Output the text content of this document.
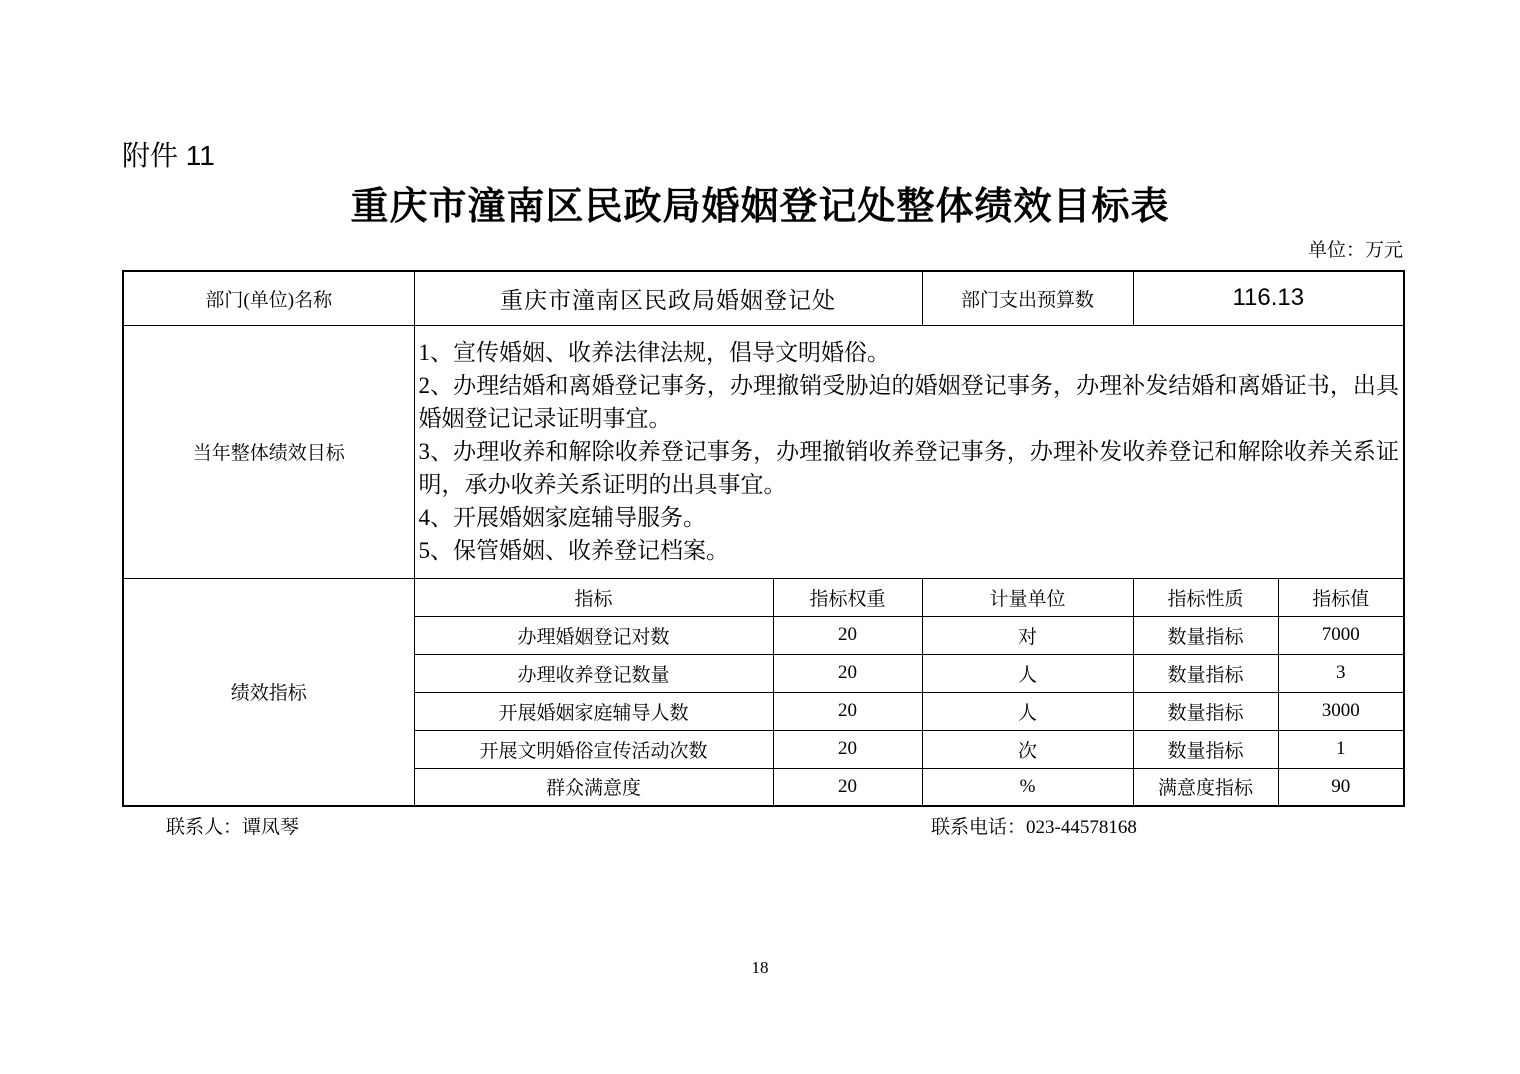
附件 11
重庆市潼南区民政局婚姻登记处整体绩效目标表
单位：万元
部门(单位)名称	重庆市潼南区民政局婚姻登记处		部门支出预算数	116.13	
当年整体绩效目标	1、宣传婚姻、收养法律法规，倡导文明婚俗。

2、办理结婚和离婚登记事务，办理撤销受胁迫的婚姻登记事务，办理补发结婚和离婚证书，出具婚姻登记记录证明事宜。

3、办理收养和解除收养登记事务，办理撤销收养登记事务，办理补发收养登记和解除收养关系证明，承办收养关系证明的出具事宜。

4、开展婚姻家庭辅导服务。

5、保管婚姻、收养登记档案。				

绩效指标	指标	指标权重	计量单位	指标性质	指标值
	办理婚姻登记对数	20	对	数量指标	7000
	办理收养登记数量	20	人	数量指标	3
	开展婚姻家庭辅导人数	20	人	数量指标	3000
	开展文明婚俗宣传活动次数	20	次	数量指标	1
	群众满意度	20	%	满意度指标	90
联系人：谭凤琴	联系电话：023-44578168
18
